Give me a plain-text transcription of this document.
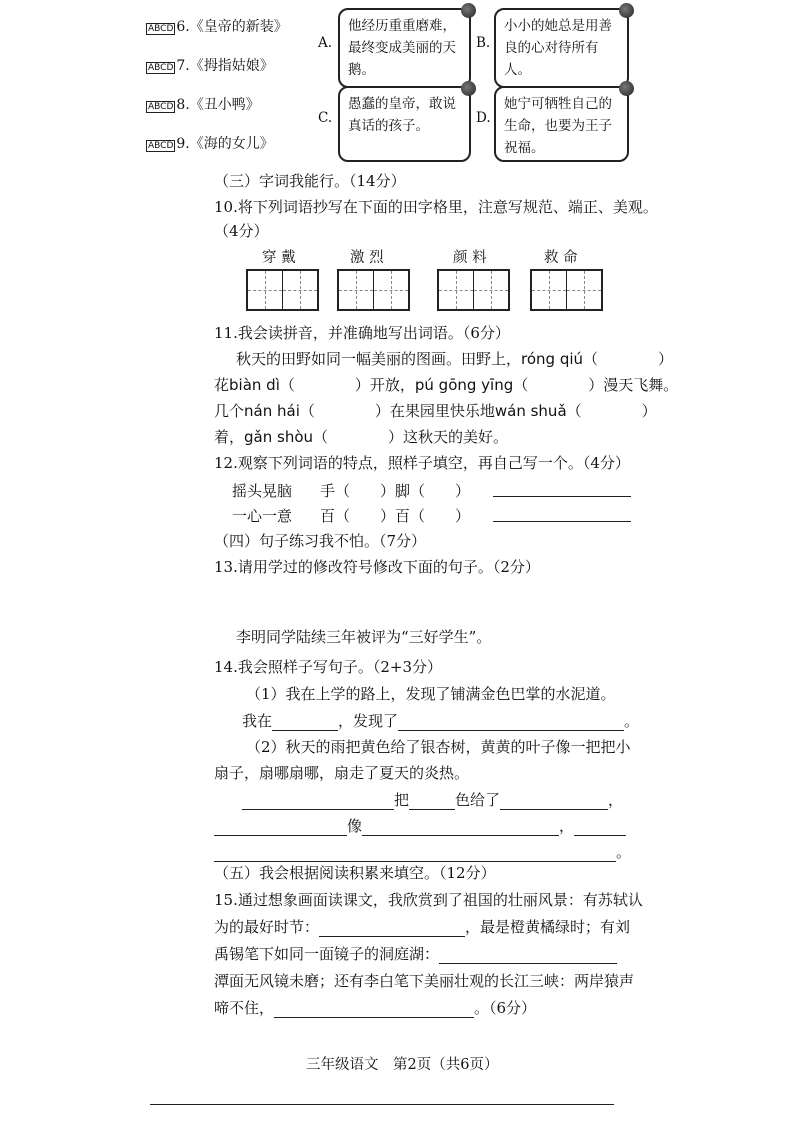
ABCD 6.《皇帝的新装》
ABCD 7.《拇指姑娘》
ABCD 8.《丑小鸭》
ABCD 9.《海的女儿》
A.
他经历重重磨难，最终变成美丽的天鹅。
B.
小小的她总是用善良的心对待所有人。
C.
愚蠢的皇帝，敢说真话的孩子。	D.
她宁可牺牲自己的生命，也要为王子祝福。
（三）字词我能行。（14分）
10.将下列词语抄写在下面的田字格里，注意写规范、端正、美观。
（4分）
穿 戴	激 烈	颜 料	救 命
11.我会读拼音，并准确地写出词语。（6分）
秋天的田野如同一幅美丽的图画。田野上，róng qiú（　　　　）
花biàn dì（　　　　）开放，pú gōng yīng（　　　　）漫天飞舞。
几个nán hái（　　　　）在果园里快乐地wán shuǎ（　　　　）
着，gǎn shòu（　　　　）这秋天的美好。
12.观察下列词语的特点，照样子填空，再自己写一个。（4分）
摇头晃脑 手（　　）脚（　　）
一心一意 百（　　）百（　　）
（四）句子练习我不怕。（7分）
13.请用学过的修改符号修改下面的句子。（2分）
李明同学陆续三年被评为“三好学生”。
14.我会照样子写句子。（2+3分）
（1）我在上学的路上，发现了铺满金色巴掌的水泥道。
我在	，发现了	。
（2）秋天的雨把黄色给了银杏树，黄黄的叶子像一把把小
扇子，扇哪扇哪，扇走了夏天的炎热。
把	色给了	，
像	，
。
（五）我会根据阅读积累来填空。（12分）
15.通过想象画面读课文，我欣赏到了祖国的壮丽风景：有苏轼认
为的最好时节：	，最是橙黄橘绿时；有刘
禹锡笔下如同一面镜子的洞庭湖：
潭面无风镜未磨；还有李白笔下美丽壮观的长江三峡：两岸猿声
啼不住，	。（6分）
三年级语文　第2页（共6页）
